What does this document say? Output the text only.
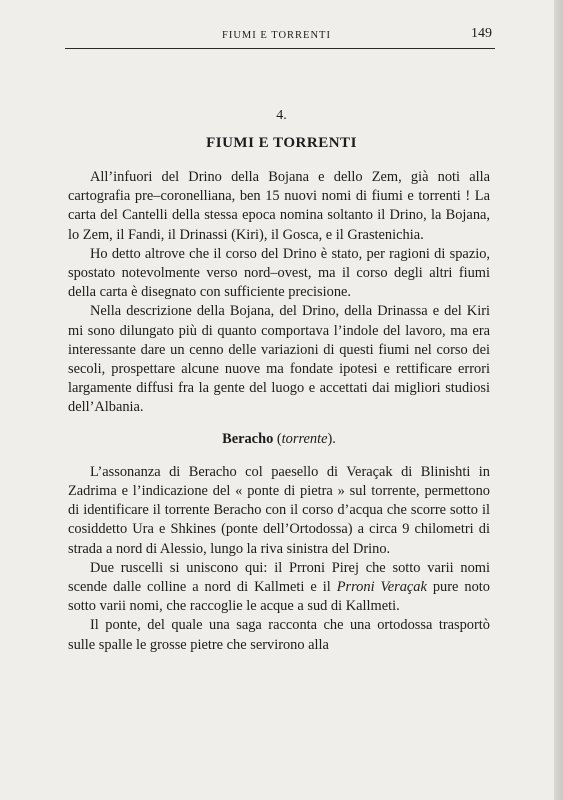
FIUMI E TORRENTI	149
4.
FIUMI E TORRENTI

All’infuori del Drino della Bojana e dello Zem, già noti alla cartografia pre–coronelliana, ben 15 nuovi nomi di fiumi e torrenti ! La carta del Cantelli della stessa epoca nomina soltanto il Drino, la Bojana, lo Zem, il Fandi, il Drinassi (Kiri), il Gosca, e il Grastenichia.

Ho detto altrove che il corso del Drino è stato, per ragioni di spazio, spostato notevolmente verso nord–ovest, ma il corso degli altri fiumi della carta è disegnato con sufficiente precisione.

Nella descrizione della Bojana, del Drino, della Drinassa e del Kiri mi sono dilungato più di quanto comportava l’indole del lavoro, ma era interessante dare un cenno delle variazioni di questi fiumi nel corso dei secoli, prospettare alcune nuove ma fondate ipotesi e rettificare errori largamente diffusi fra la gente del luogo e accettati dai migliori studiosi dell’Albania.

Beracho (torrente).

L’assonanza di Beracho col paesello di Veraçak di Blinishti in Zadrima e l’indicazione del « ponte di pietra » sul torrente, permettono di identificare il torrente Beracho con il corso d’acqua che scorre sotto il cosiddetto Ura e Shkines (ponte dell’Ortodossa) a circa 9 chilometri di strada a nord di Alessio, lungo la riva sinistra del Drino.

Due ruscelli si uniscono qui: il Prroni Pirej che sotto varii nomi scende dalle colline a nord di Kallmeti e il Prroni Veraçak pure noto sotto varii nomi, che raccoglie le acque a sud di Kallmeti.

Il ponte, del quale una saga racconta che una ortodossa trasportò sulle spalle le grosse pietre che servirono alla
